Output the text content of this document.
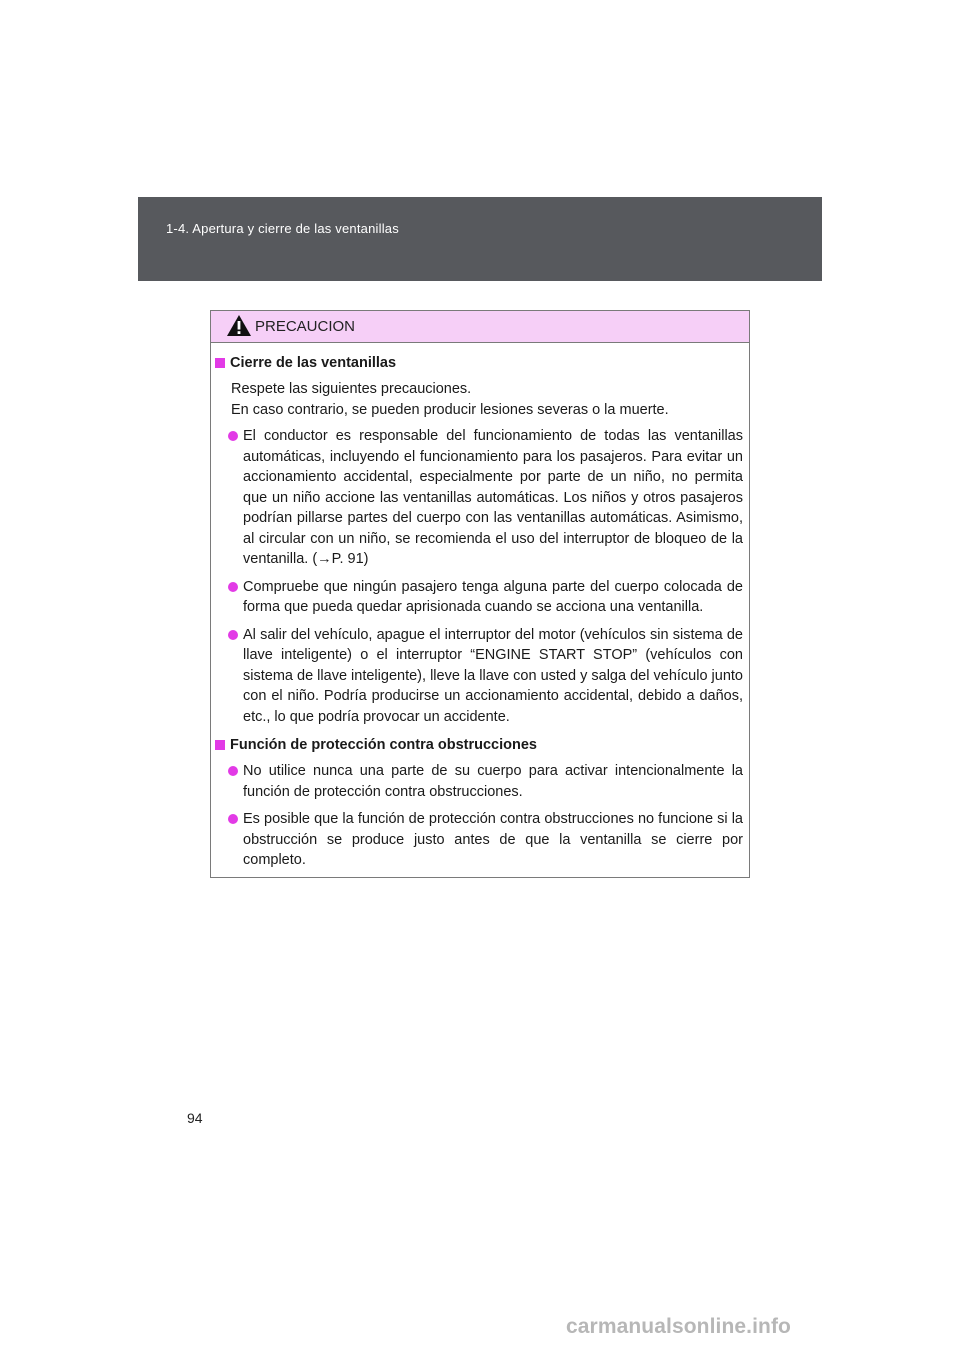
1-4. Apertura y cierre de las ventanillas
PRECAUCION
Cierre de las ventanillas
Respete las siguientes precauciones.
En caso contrario, se pueden producir lesiones severas o la muerte.
El conductor es responsable del funcionamiento de todas las ventanillas automáticas, incluyendo el funcionamiento para los pasajeros. Para evitar un accionamiento accidental, especialmente por parte de un niño, no permita que un niño accione las ventanillas automáticas. Los niños y otros pasajeros podrían pillarse partes del cuerpo con las ventanillas automáticas. Asimismo, al circular con un niño, se recomienda el uso del interruptor de bloqueo de la ventanilla. (→P. 91)
Compruebe que ningún pasajero tenga alguna parte del cuerpo colocada de forma que pueda quedar aprisionada cuando se acciona una ventanilla.
Al salir del vehículo, apague el interruptor del motor (vehículos sin sistema de llave inteligente) o el interruptor “ENGINE START STOP” (vehículos con sistema de llave inteligente), lleve la llave con usted y salga del vehículo junto con el niño. Podría producirse un accionamiento accidental, debido a daños, etc., lo que podría provocar un accidente.
Función de protección contra obstrucciones
No utilice nunca una parte de su cuerpo para activar intencionalmente la función de protección contra obstrucciones.
Es posible que la función de protección contra obstrucciones no funcione si la obstrucción se produce justo antes de que la ventanilla se cierre por completo.
94
carmanualsonline.info
